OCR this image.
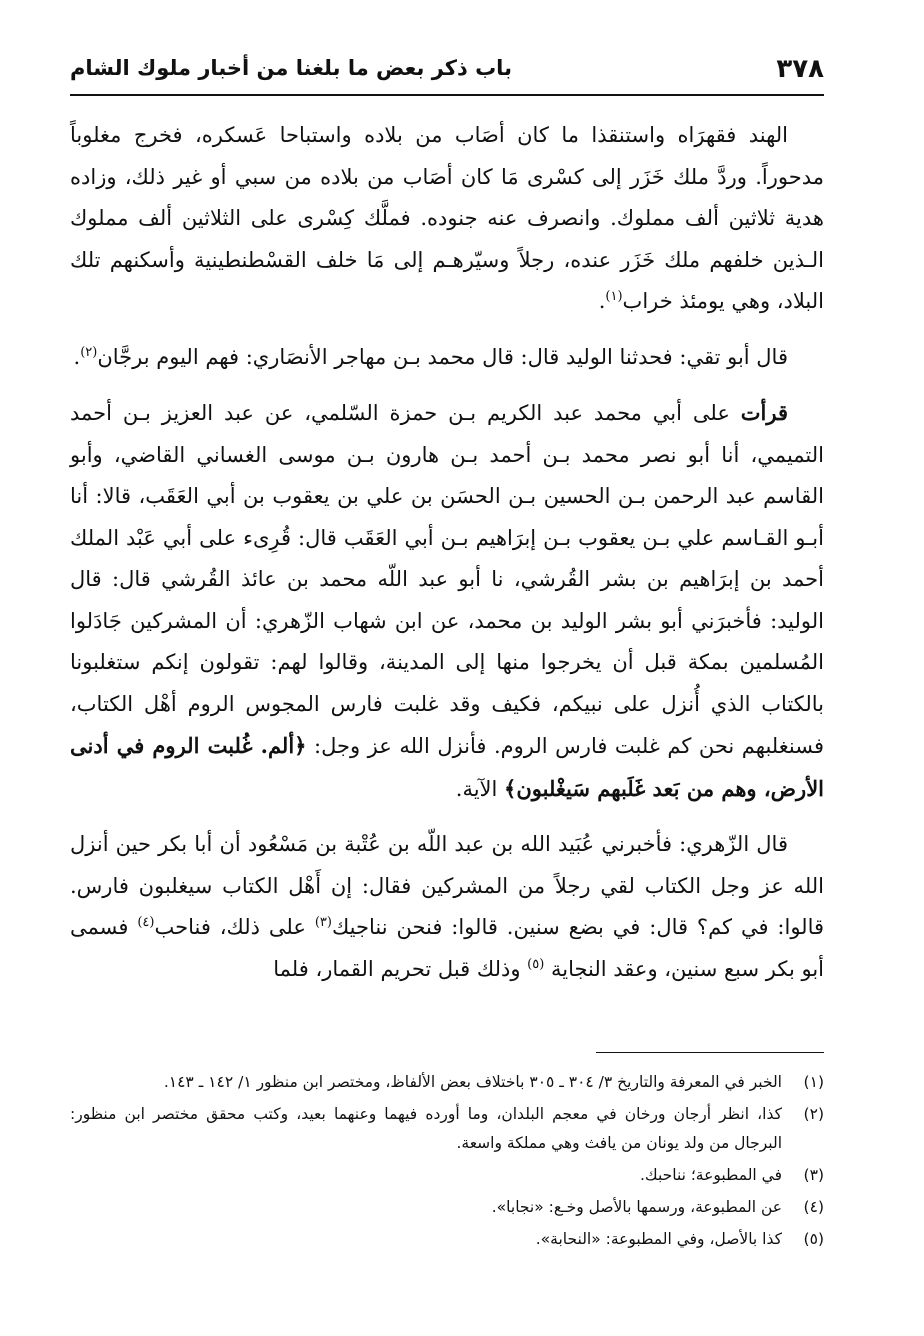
٣٧٨
باب ذكر بعض ما بلغنا من أخبار ملوك الشام

الهند فقهرَاه واستنقذا ما كان أصَاب من بلاده واستباحا عَسكره، فخرج مغلوباً مدحوراً. وردَّ ملك خَزَر إلى كسْرى مَا كان أصَاب من بلاده من سبي أو غير ذلك، وزاده هدية ثلاثين ألف مملوك. وانصرف عنه جنوده. فملَّك كِسْرى على الثلاثين ألف مملوك الـذين خلفهم ملك خَزَر عنده، رجلاً وسيّرهـم إلى مَا خلف القسْطنطينية وأسكنهم تلك البلاد، وهي يومئذ خراب$^{(١)}$.

قال أبو تقي: فحدثنا الوليد قال: قال محمد بـن مهاجر الأنصَاري: فهم اليوم برجَّان$^{(٢)}$.

قرأت على أبي محمد عبد الكريم بـن حمزة السّلمي، عن عبد العزيز بـن أحمد التميمي، أنا أبو نصر محمد بـن أحمد بـن هارون بـن موسى الغساني القاضي، وأبو القاسم عبد الرحمن بـن الحسين بـن الحسَن بن علي بن يعقوب بن أبي العَقَب، قالا: أنا أبـو القـاسم علي بـن يعقوب بـن إبرَاهيم بـن أبي العَقَب قال: قُرِىء على أبي عَبْد الملك أحمد بن إبرَاهيم بن بشر القُرشي، نا أبو عبد اللّه محمد بن عائذ القُرشي قال: قال الوليد: فأخبرَني أبو بشر الوليد بن محمد، عن ابن شهاب الزّهري: أن المشركين جَادَلوا المُسلمين بمكة قبل أن يخرجوا منها إلى المدينة، وقالوا لهم: تقولون إنكم ستغلبونا بالكتاب الذي أُنزل على نبيكم، فكيف وقد غلبت فارس المجوس الروم أهْل الكتاب، فسنغلبهم نحن كم غلبت فارس الروم. فأنزل الله عز وجل: ﴿ألم. غُلبت الروم في أدنى الأرض، وهم من بَعد غَلَبهم سَيغْلبون﴾ الآية.

قال الزّهري: فأخبرني عُبَيد الله بن عبد اللّه بن عُتْبة بن مَسْعُود أن أبا بكر حين أنزل الله عز وجل الكتاب لقي رجلاً من المشركين فقال: إن أَهْل الكتاب سيغلبون فارس. قالوا: في كم؟ قال: في بضع سنين. قالوا: فنحن نناجيك$^{(٣)}$ على ذلك، فناحب$^{(٤)}$ فسمى أبو بكر سبع سنين، وعقد النجاية $^{(٥)}$ وذلك قبل تحريم القمار، فلما

(١)
الخبر في المعرفة والتاريخ ٣/ ٣٠٤ ـ ٣٠٥ باختلاف بعض الألفاظ، ومختصر ابن منظور ١/ ١٤٢ ـ ١٤٣.
(٢)
كذا، انظر أرجان ورخان في معجم البلدان، وما أورده فيهما وعنهما بعيد، وكتب محقق مختصر ابن منظور: البرجال من ولد يونان من يافث وهي مملكة واسعة.
(٣)
في المطبوعة؛ نناحبك.
(٤)
عن المطبوعة، ورسمها بالأصل وخـع: «نجابا».
(٥)
كذا بالأصل، وفي المطبوعة: «النحابة».
